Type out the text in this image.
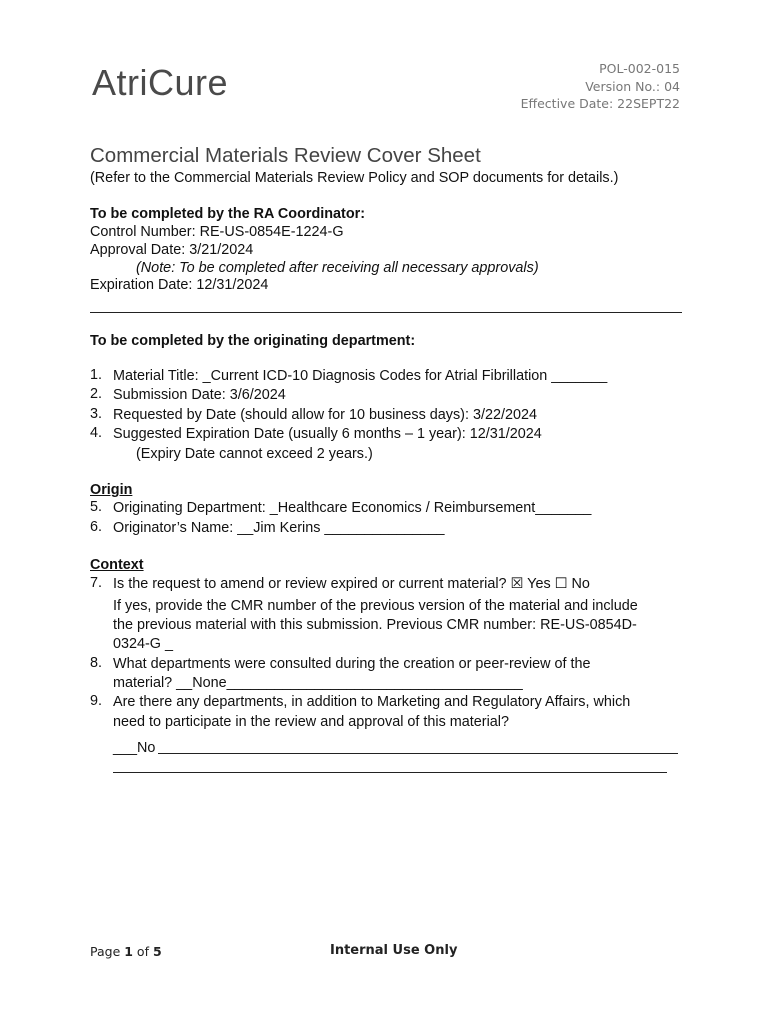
AtriCure	POL-002-015
Version No.: 04
Effective Date: 22SEPT22
Commercial Materials Review Cover Sheet
(Refer to the Commercial Materials Review Policy and SOP documents for details.)
To be completed by the RA Coordinator:
Control Number: RE-US-0854E-1224-G
Approval Date: 3/21/2024
(Note: To be completed after receiving all necessary approvals)
Expiration Date: 12/31/2024
To be completed by the originating department:
1. Material Title: _Current ICD-10 Diagnosis Codes for Atrial Fibrillation _______
2. Submission Date: 3/6/2024
3. Requested by Date (should allow for 10 business days): 3/22/2024
4. Suggested Expiration Date (usually 6 months – 1 year): 12/31/2024
(Expiry Date cannot exceed 2 years.)
Origin
5. Originating Department: _Healthcare Economics / Reimbursement_______
6. Originator’s Name: __Jim Kerins _______________
Context
7. Is the request to amend or review expired or current material? ☒ Yes ☐ No
If yes, provide the CMR number of the previous version of the material and include
the previous material with this submission. Previous CMR number: RE-US-0854D-
0324-G _
8. What departments were consulted during the creation or peer-review of the
material? __None_____________________________________
9. Are there any departments, in addition to Marketing and Regulatory Affairs, which
need to participate in the review and approval of this material?
___No
Page 1 of 5	Internal Use Only
